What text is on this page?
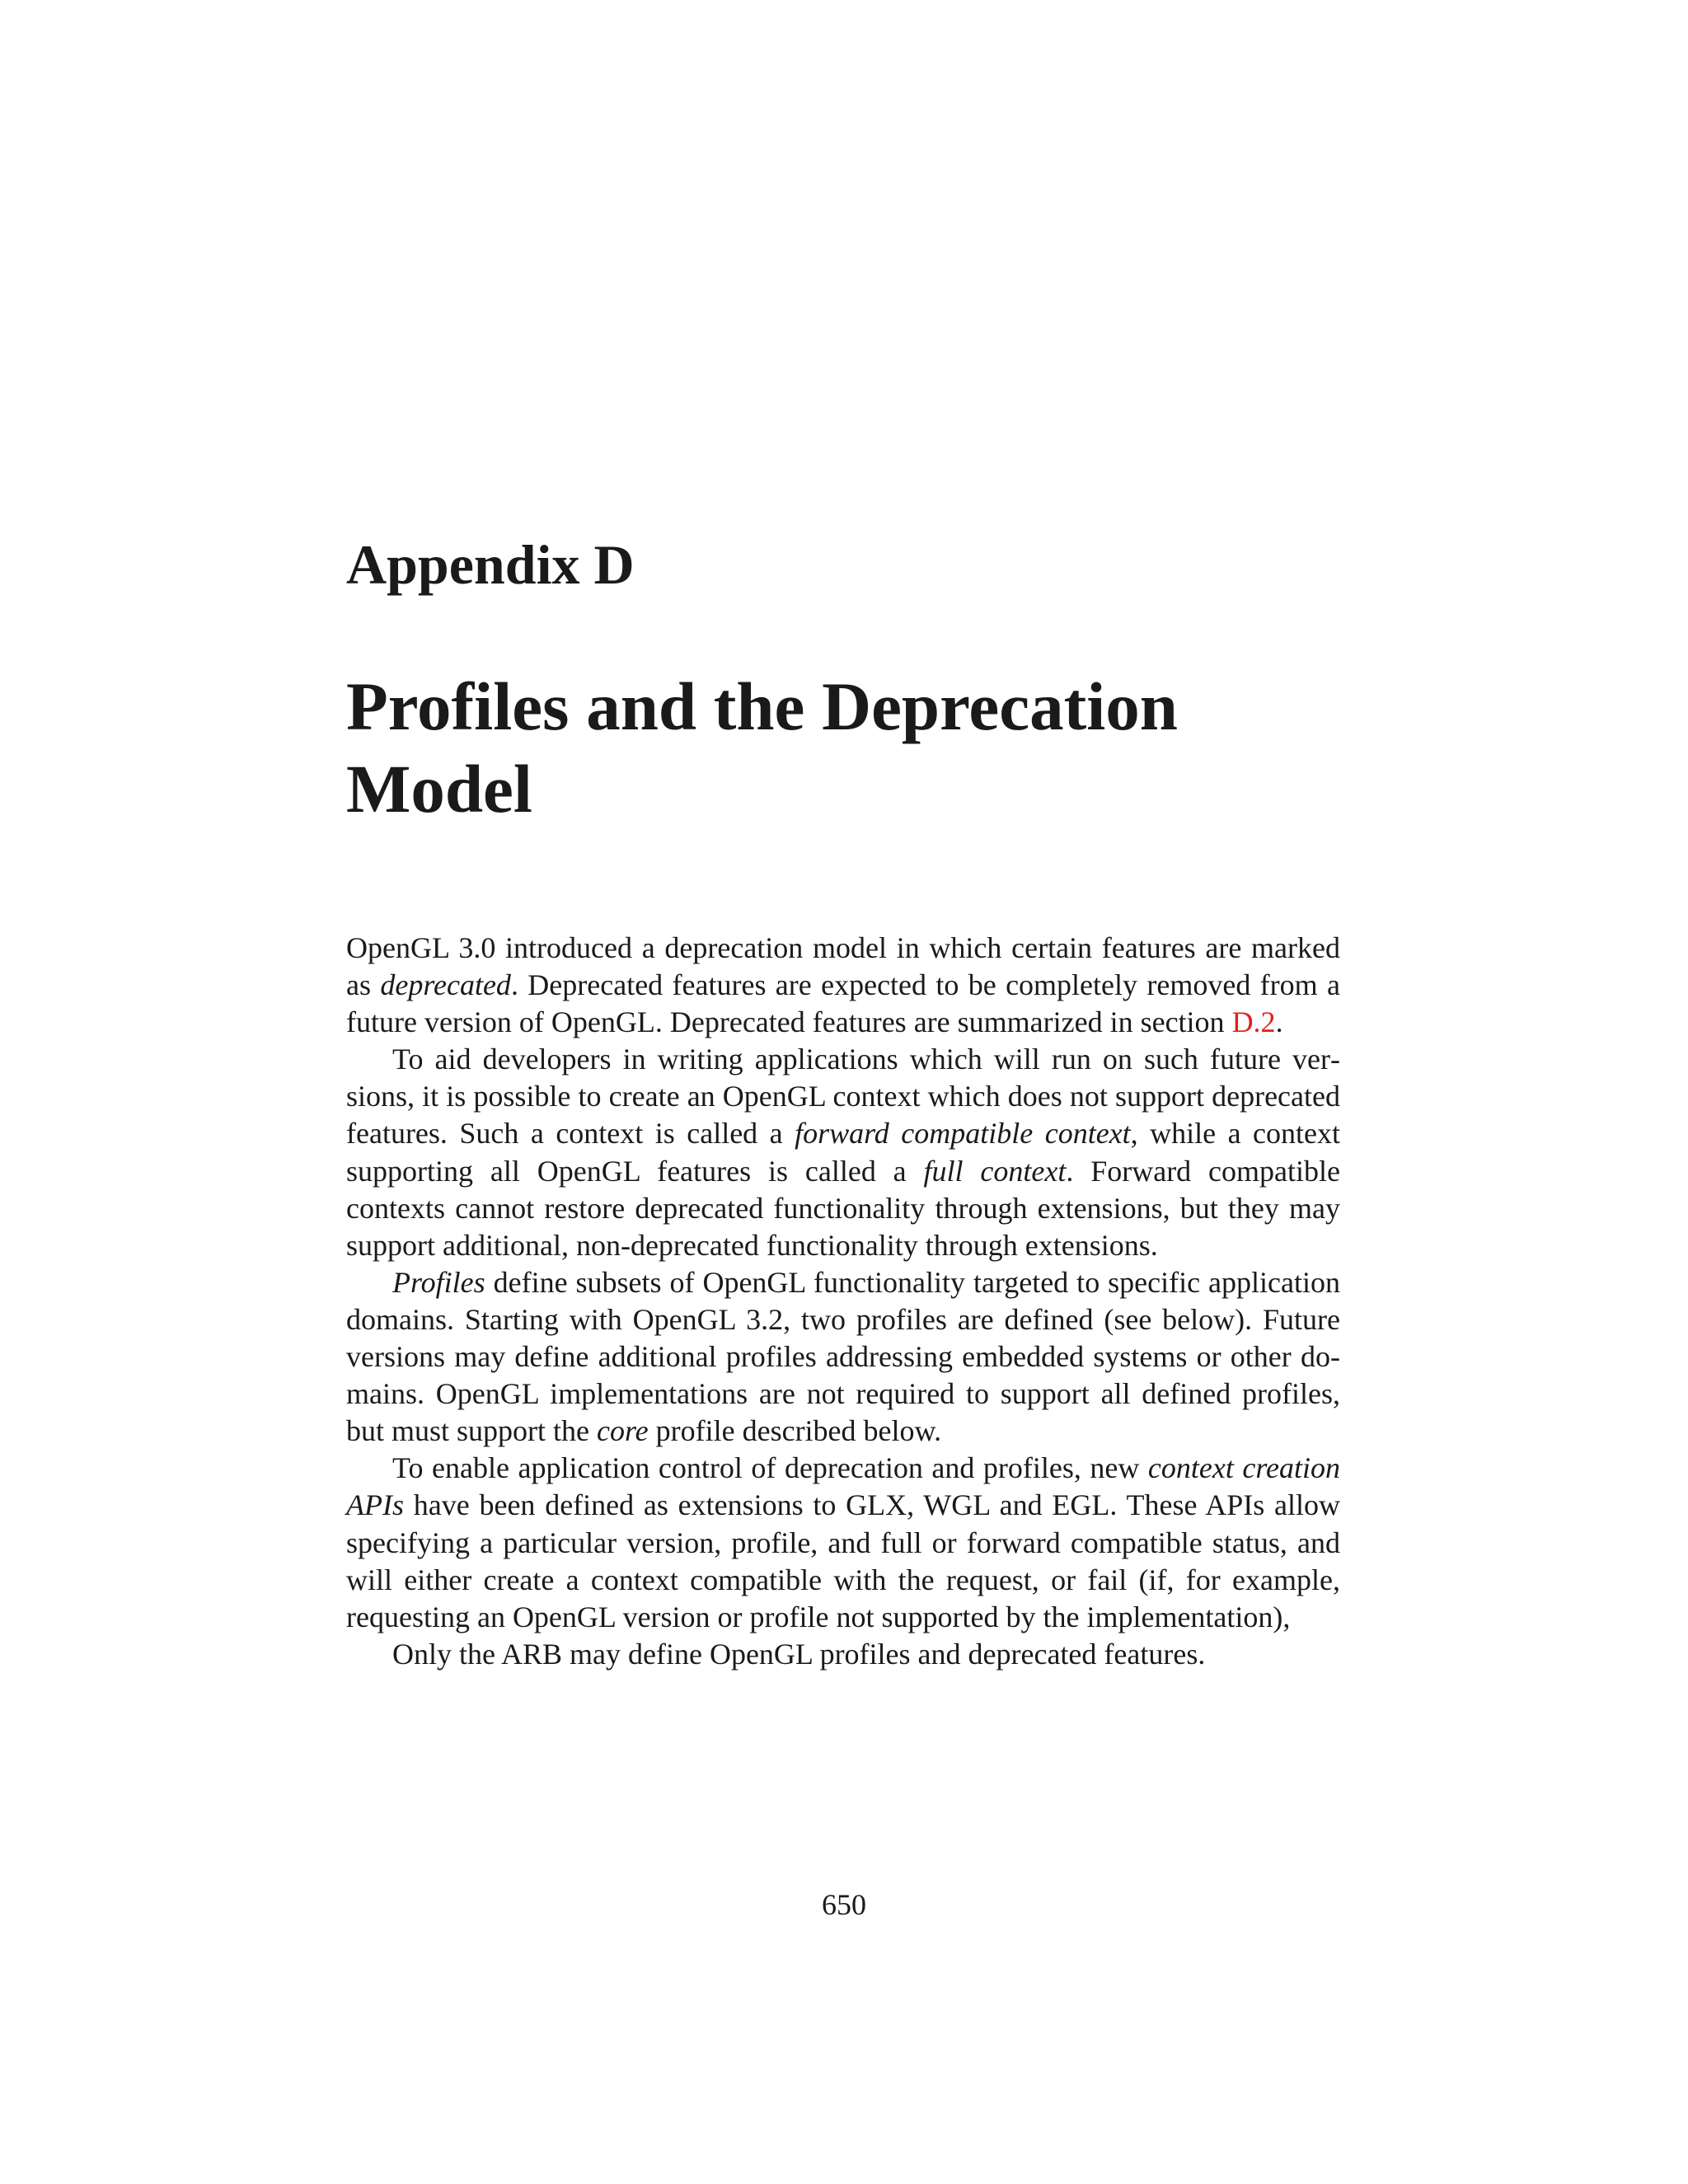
Appendix D
Profiles and the Deprecation Model

OpenGL 3.0 introduced a deprecation model in which certain features are marked as deprecated. Deprecated features are expected to be completely removed from a future version of OpenGL. Deprecated features are summarized in section D.2.

To aid developers in writing applications which will run on such future versions, it is possible to create an OpenGL context which does not support deprecated features. Such a context is called a forward compatible context, while a context supporting all OpenGL features is called a full context. Forward compatible contexts cannot restore deprecated functionality through extensions, but they may support additional, non-deprecated functionality through extensions.

Profiles define subsets of OpenGL functionality targeted to specific application domains. Starting with OpenGL 3.2, two profiles are defined (see below). Future versions may define additional profiles addressing embedded systems or other domains. OpenGL implementations are not required to support all defined profiles, but must support the core profile described below.

To enable application control of deprecation and profiles, new context creation APIs have been defined as extensions to GLX, WGL and EGL. These APIs allow specifying a particular version, profile, and full or forward compatible status, and will either create a context compatible with the request, or fail (if, for example, requesting an OpenGL version or profile not supported by the implementation),

Only the ARB may define OpenGL profiles and deprecated features.

650
